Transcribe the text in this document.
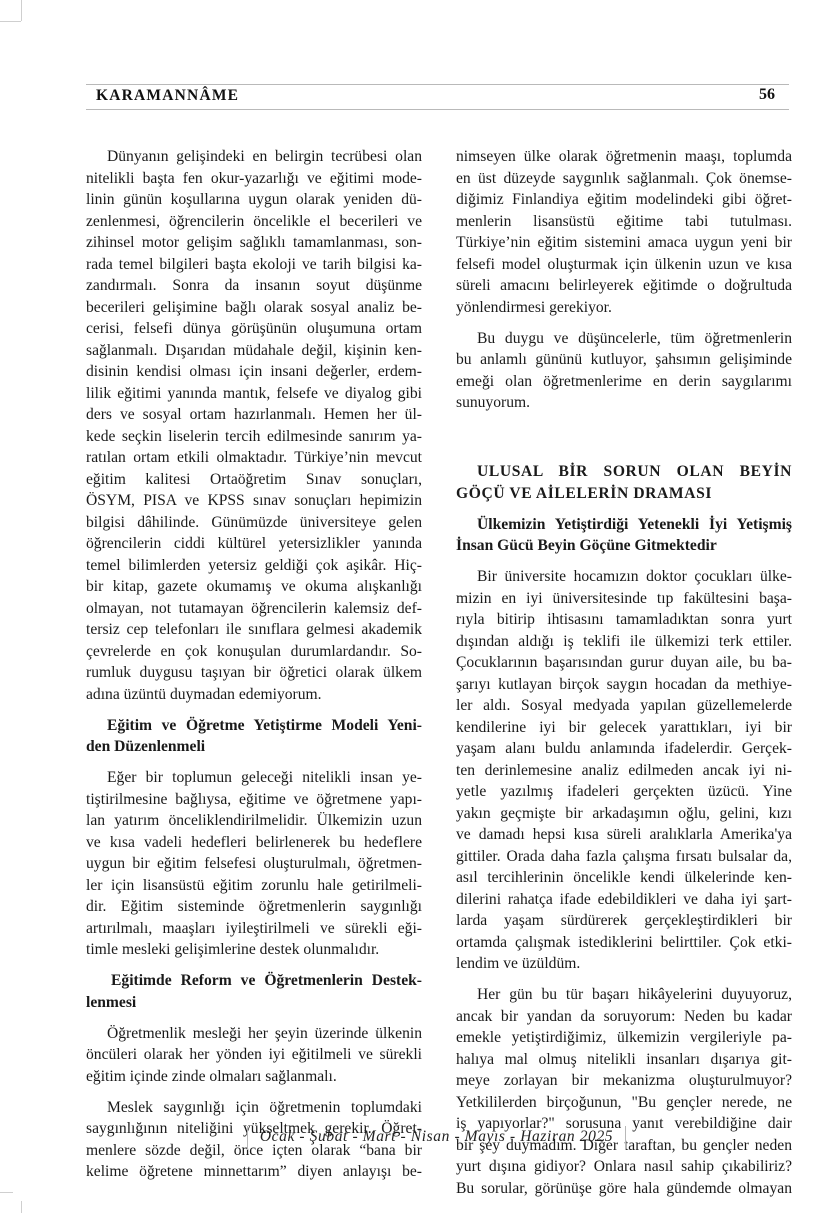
KARAMANNÂME	56
Dünyanın gelişindeki en belirgin tecrübesi olan
nitelikli başta fen okur-yazarlığı ve eğitimi mode-
linin günün koşullarına uygun olarak yeniden dü-
zenlenmesi, öğrencilerin öncelikle el becerileri ve
zihinsel motor gelişim sağlıklı tamamlanması, son-
rada temel bilgileri başta ekoloji ve tarih bilgisi ka-
zandırmalı. Sonra da insanın soyut düşünme
becerileri gelişimine bağlı olarak sosyal analiz be-
cerisi, felsefi dünya görüşünün oluşumuna ortam
sağlanmalı. Dışarıdan müdahale değil, kişinin ken-
disinin kendisi olması için insani değerler, erdem-
lilik eğitimi yanında mantık, felsefe ve diyalog gibi
ders ve sosyal ortam hazırlanmalı. Hemen her ül-
kede seçkin liselerin tercih edilmesinde sanırım ya-
ratılan ortam etkili olmaktadır. Türkiye’nin mevcut
eğitim kalitesi Ortaöğretim Sınav sonuçları,
ÖSYM, PISA ve KPSS sınav sonuçları hepimizin
bilgisi dâhilinde. Günümüzde üniversiteye gelen
öğrencilerin ciddi kültürel yetersizlikler yanında
temel bilimlerden yetersiz geldiği çok aşikâr. Hiç-
bir kitap, gazete okumamış ve okuma alışkanlığı
olmayan, not tutamayan öğrencilerin kalemsiz def-
tersiz cep telefonları ile sınıflara gelmesi akademik
çevrelerde en çok konuşulan durumlardandır. So-
rumluk duygusu taşıyan bir öğretici olarak ülkem
adına üzüntü duymadan edemiyorum.
Eğitim ve Öğretme Yetiştirme Modeli Yeni-
den Düzenlenmeli
Eğer bir toplumun geleceği nitelikli insan ye-
tiştirilmesine bağlıysa, eğitime ve öğretmene yapı-
lan yatırım önceliklendirilmelidir. Ülkemizin uzun
ve kısa vadeli hedefleri belirlenerek bu hedeflere
uygun bir eğitim felsefesi oluşturulmalı, öğretmen-
ler için lisansüstü eğitim zorunlu hale getirilmeli-
dir. Eğitim sisteminde öğretmenlerin saygınlığı
artırılmalı, maaşları iyileştirilmeli ve sürekli eği-
timle mesleki gelişimlerine destek olunmalıdır.
Eğitimde Reform ve Öğretmenlerin Destek-
lenmesi
Öğretmenlik mesleği her şeyin üzerinde ülkenin
öncüleri olarak her yönden iyi eğitilmeli ve sürekli
eğitim içinde zinde olmaları sağlanmalı.
Meslek saygınlığı için öğretmenin toplumdaki
saygınlığının niteliğini yükseltmek gerekir. Öğret-
menlere sözde değil, önce içten olarak “bana bir
kelime öğretene minnettarım” diyen anlayışı be-
nimseyen ülke olarak öğretmenin maaşı, toplumda
en üst düzeyde saygınlık sağlanmalı. Çok önemse-
diğimiz Finlandiya eğitim modelindeki gibi öğret-
menlerin lisansüstü eğitime tabi tutulması.
Türkiye’nin eğitim sistemini amaca uygun yeni bir
felsefi model oluşturmak için ülkenin uzun ve kısa
süreli amacını belirleyerek eğitimde o doğrultuda
yönlendirmesi gerekiyor.
Bu duygu ve düşüncelerle, tüm öğretmenlerin
bu anlamlı gününü kutluyor, şahsımın gelişiminde
emeği olan öğretmenlerime en derin saygılarımı
sunuyorum.
ULUSAL BİR SORUN OLAN BEYİN
GÖÇÜ VE AİLELERİN DRAMASI
Ülkemizin Yetiştirdiği Yetenekli İyi Yetişmiş
İnsan Gücü Beyin Göçüne Gitmektedir
Bir üniversite hocamızın doktor çocukları ülke-
mizin en iyi üniversitesinde tıp fakültesini başa-
rıyla bitirip ihtisasını tamamladıktan sonra yurt
dışından aldığı iş teklifi ile ülkemizi terk ettiler.
Çocuklarının başarısından gurur duyan aile, bu ba-
şarıyı kutlayan birçok saygın hocadan da methiye-
ler aldı. Sosyal medyada yapılan güzellemelerde
kendilerine iyi bir gelecek yarattıkları, iyi bir
yaşam alanı buldu anlamında ifadelerdir. Gerçek-
ten derinlemesine analiz edilmeden ancak iyi ni-
yetle yazılmış ifadeleri gerçekten üzücü. Yine
yakın geçmişte bir arkadaşımın oğlu, gelini, kızı
ve damadı hepsi kısa süreli aralıklarla Amerika'ya
gittiler. Orada daha fazla çalışma fırsatı bulsalar da,
asıl tercihlerinin öncelikle kendi ülkelerinde ken-
dilerini rahatça ifade edebildikleri ve daha iyi şart-
larda yaşam sürdürerek gerçekleştirdikleri bir
ortamda çalışmak istediklerini belirttiler. Çok etki-
lendim ve üzüldüm.
Her gün bu tür başarı hikâyelerini duyuyoruz,
ancak bir yandan da soruyorum: Neden bu kadar
emekle yetiştirdiğimiz, ülkemizin vergileriyle pa-
halıya mal olmuş nitelikli insanları dışarıya git-
meye zorlayan bir mekanizma oluşturulmuyor?
Yetkililerden birçoğunun, "Bu gençler nerede, ne
iş yapıyorlar?" sorusuna yanıt verebildiğine dair
bir şey duymadım. Diğer taraftan, bu gençler neden
yurt dışına gidiyor? Onlara nasıl sahip çıkabiliriz?
Bu sorular, görünüşe göre hala gündemde olmayan
Ocak - Şubat - Mart - Nisan - Mayıs - Haziran 2025
